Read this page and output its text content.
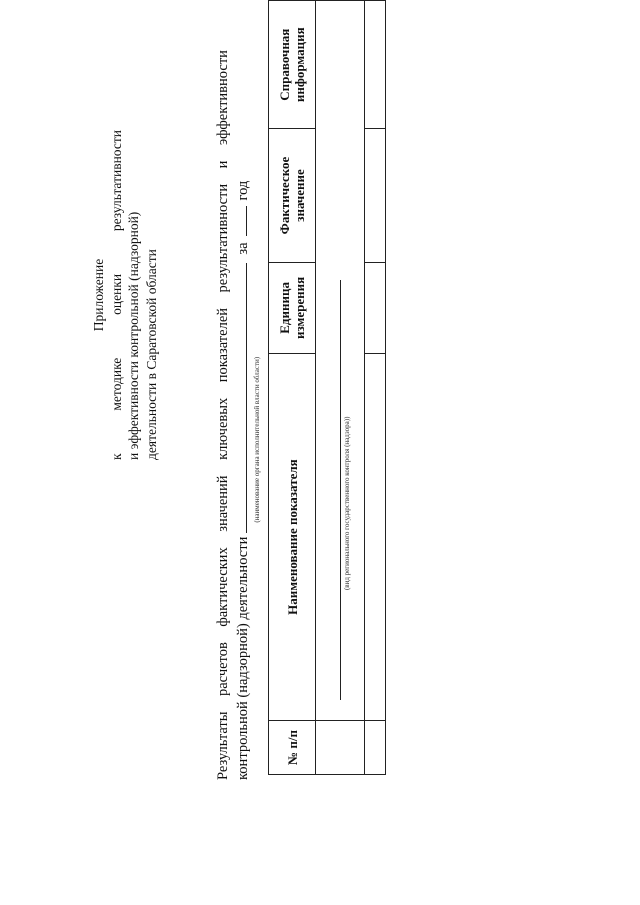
Приложение
к
методике
оценки
результативности
и эффективности контрольной (надзорной) деятельности в Саратовской области
Результаты
расчетов
фактических
значений
ключевых
показателей
результативности
и
эффективности
контрольной (надзорной) деятельности
(наименование органа исполнительной власти области)
за
год
№ п/п	Наименование показателя	Единица измерения	Фактическое значение	Справочная информация

	(вид регионального государственного контроля (надзора))			
